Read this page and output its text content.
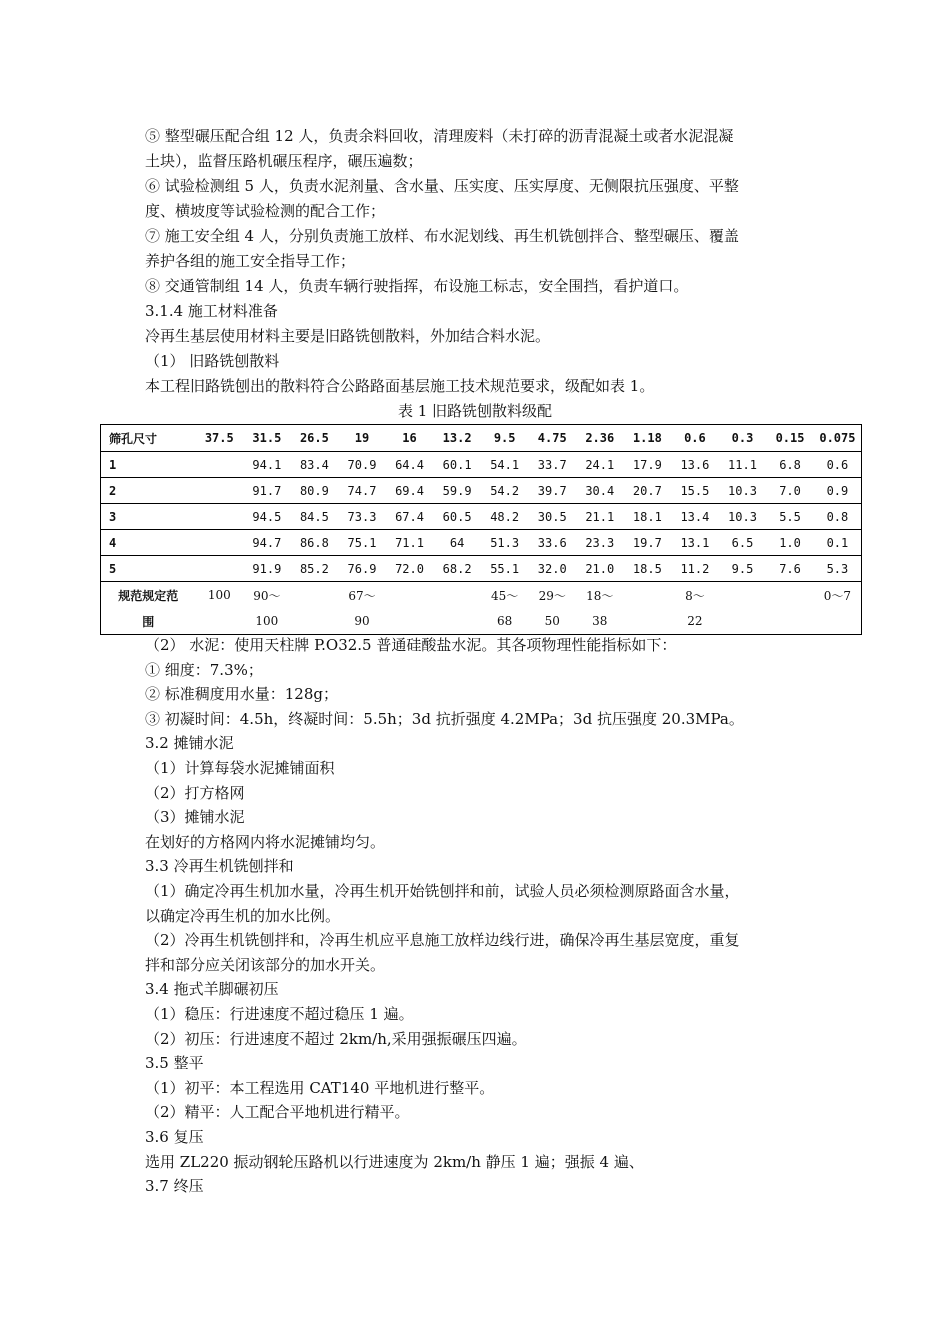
⑤ 整型碾压配合组 12 人，负责余料回收，清理废料（未打碎的沥青混凝土或者水泥混凝
土块），监督压路机碾压程序，碾压遍数；
⑥ 试验检测组 5 人，负责水泥剂量、含水量、压实度、压实厚度、无侧限抗压强度、平整
度、横坡度等试验检测的配合工作；
⑦ 施工安全组 4 人，分别负责施工放样、布水泥划线、再生机铣刨拌合、整型碾压、覆盖
养护各组的施工安全指导工作；
⑧ 交通管制组 14 人，负责车辆行驶指挥，布设施工标志，安全围挡，看护道口。
3.1.4 施工材料准备
冷再生基层使用材料主要是旧路铣刨散料，外加结合料水泥。
（1） 旧路铣刨散料
本工程旧路铣刨出的散料符合公路路面基层施工技术规范要求，级配如表 1。
表 1 旧路铣刨散料级配
筛孔尺寸	37.5	31.5	26.5	19	16	13.2	9.5	4.75	2.36	1.18	0.6	0.3	0.15	0.075
1		94.1	83.4	70.9	64.4	60.1	54.1	33.7	24.1	17.9	13.6	11.1	6.8	0.6
2		91.7	80.9	74.7	69.4	59.9	54.2	39.7	30.4	20.7	15.5	10.3	7.0	0.9
3		94.5	84.5	73.3	67.4	60.5	48.2	30.5	21.1	18.1	13.4	10.3	5.5	0.8
4		94.7	86.8	75.1	71.1	64	51.3	33.6	23.3	19.7	13.1	6.5	1.0	0.1
5		91.9	85.2	76.9	72.0	68.2	55.1	32.0	21.0	18.5	11.2	9.5	7.6	5.3
规范规定范	100	90～		67～			45～	29～	18～		8～			0～7
围		100		90			68	50	38		22			
（2） 水泥：使用天柱牌 P.O32.5 普通硅酸盐水泥。其各项物理性能指标如下：
① 细度：7.3%；
② 标准稠度用水量：128g；
③ 初凝时间：4.5h，终凝时间：5.5h；3d 抗折强度 4.2MPa；3d 抗压强度 20.3MPa。
3.2 摊铺水泥
（1）计算每袋水泥摊铺面积
（2）打方格网
（3）摊铺水泥
在划好的方格网内将水泥摊铺均匀。
3.3 冷再生机铣刨拌和
（1）确定冷再生机加水量，冷再生机开始铣刨拌和前，试验人员必须检测原路面含水量，
以确定冷再生机的加水比例。
（2）冷再生机铣刨拌和，冷再生机应平息施工放样边线行进，确保冷再生基层宽度，重复
拌和部分应关闭该部分的加水开关。
3.4 拖式羊脚碾初压
（1）稳压：行进速度不超过稳压 1 遍。
（2）初压：行进速度不超过 2km/h,采用强振碾压四遍。
3.5 整平
（1）初平：本工程选用 CAT140 平地机进行整平。
（2）精平：人工配合平地机进行精平。
3.6 复压
选用 ZL220 振动钢轮压路机以行进速度为 2km/h 静压 1 遍；强振 4 遍、
3.7 终压
